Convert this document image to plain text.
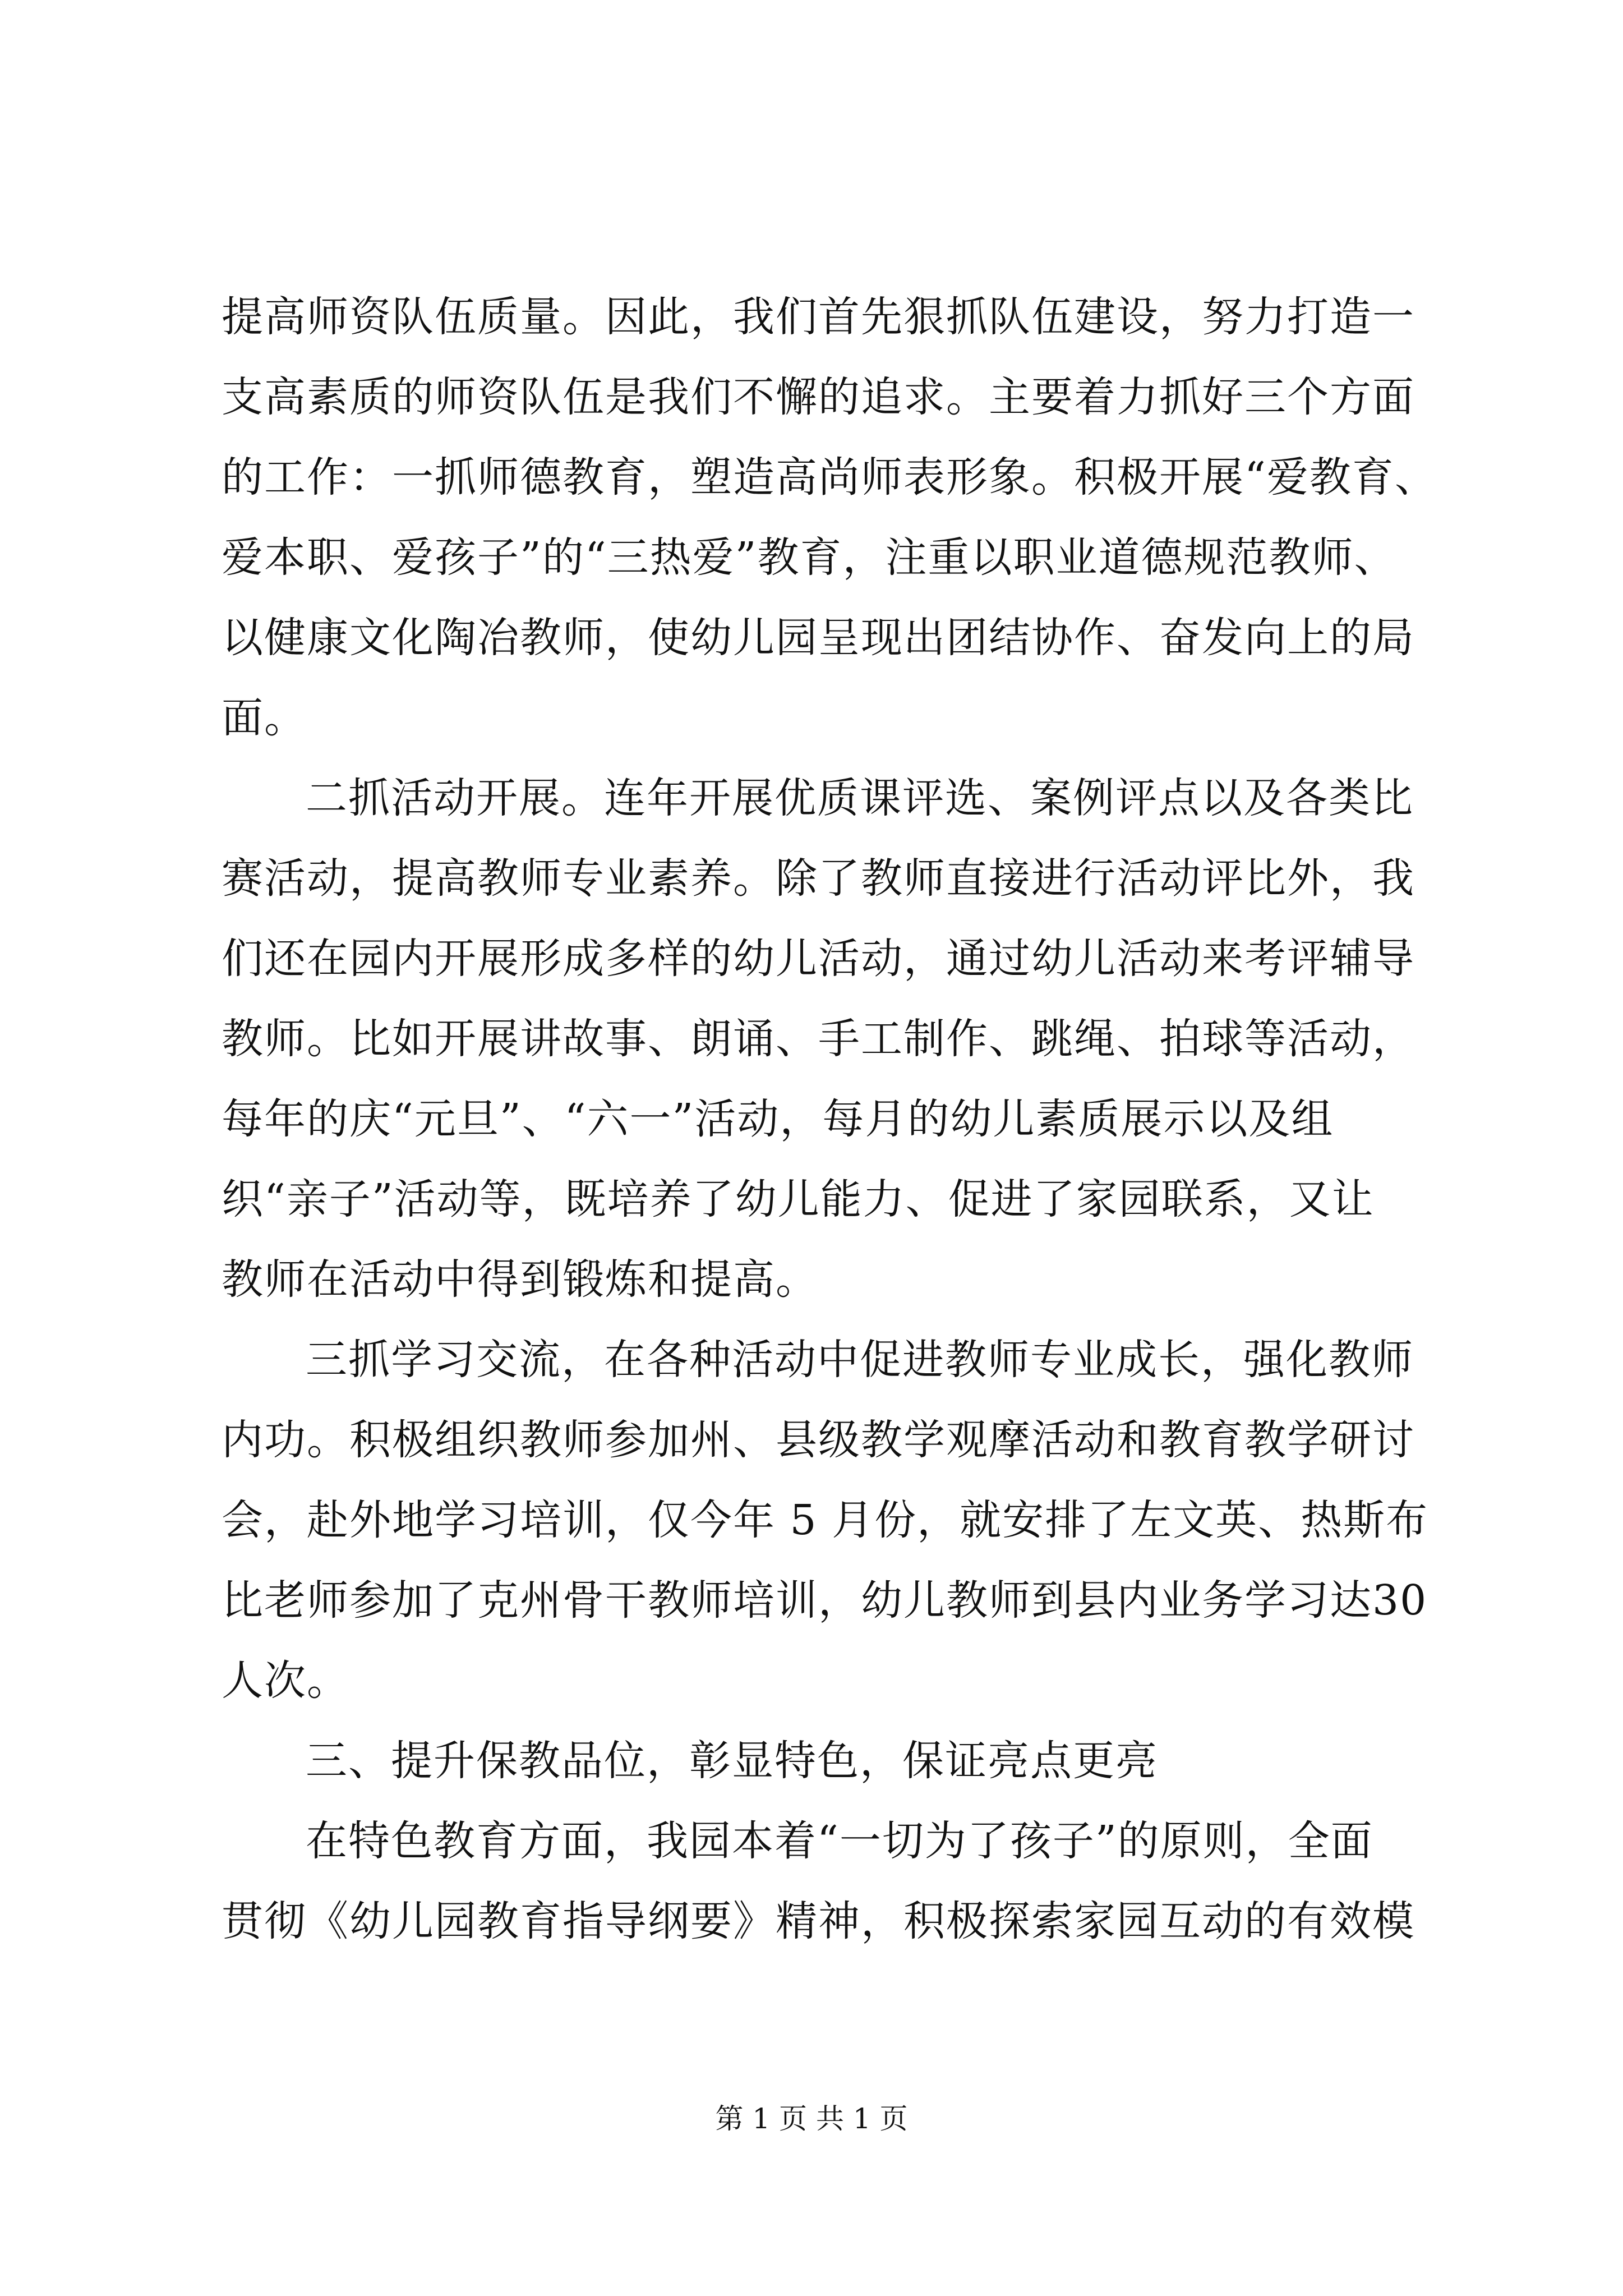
提高师资队伍质量。因此，我们首先狠抓队伍建设，努力打造一
支高素质的师资队伍是我们不懈的追求。主要着力抓好三个方面
的工作：一抓师德教育，塑造高尚师表形象。积极开展“爱教育、
爱本职、爱孩子”的“三热爱”教育，注重以职业道德规范教师、
以健康文化陶冶教师，使幼儿园呈现出团结协作、奋发向上的局
面。
二抓活动开展。连年开展优质课评选、案例评点以及各类比
赛活动，提高教师专业素养。除了教师直接进行活动评比外，我
们还在园内开展形成多样的幼儿活动，通过幼儿活动来考评辅导
教师。比如开展讲故事、朗诵、手工制作、跳绳、拍球等活动，
每年的庆“元旦”、“六一”活动，每月的幼儿素质展示以及组
织“亲子”活动等，既培养了幼儿能力、促进了家园联系，又让
教师在活动中得到锻炼和提高。
三抓学习交流，在各种活动中促进教师专业成长，强化教师
内功。积极组织教师参加州、县级教学观摩活动和教育教学研讨
会，赴外地学习培训，仅今年 5 月份，就安排了左文英、热斯布
比老师参加了克州骨干教师培训，幼儿教师到县内业务学习达30
人次。
三、提升保教品位，彰显特色，保证亮点更亮
在特色教育方面，我园本着“一切为了孩子”的原则，全面
贯彻《幼儿园教育指导纲要》精神，积极探索家园互动的有效模
第 1 页 共 1 页
